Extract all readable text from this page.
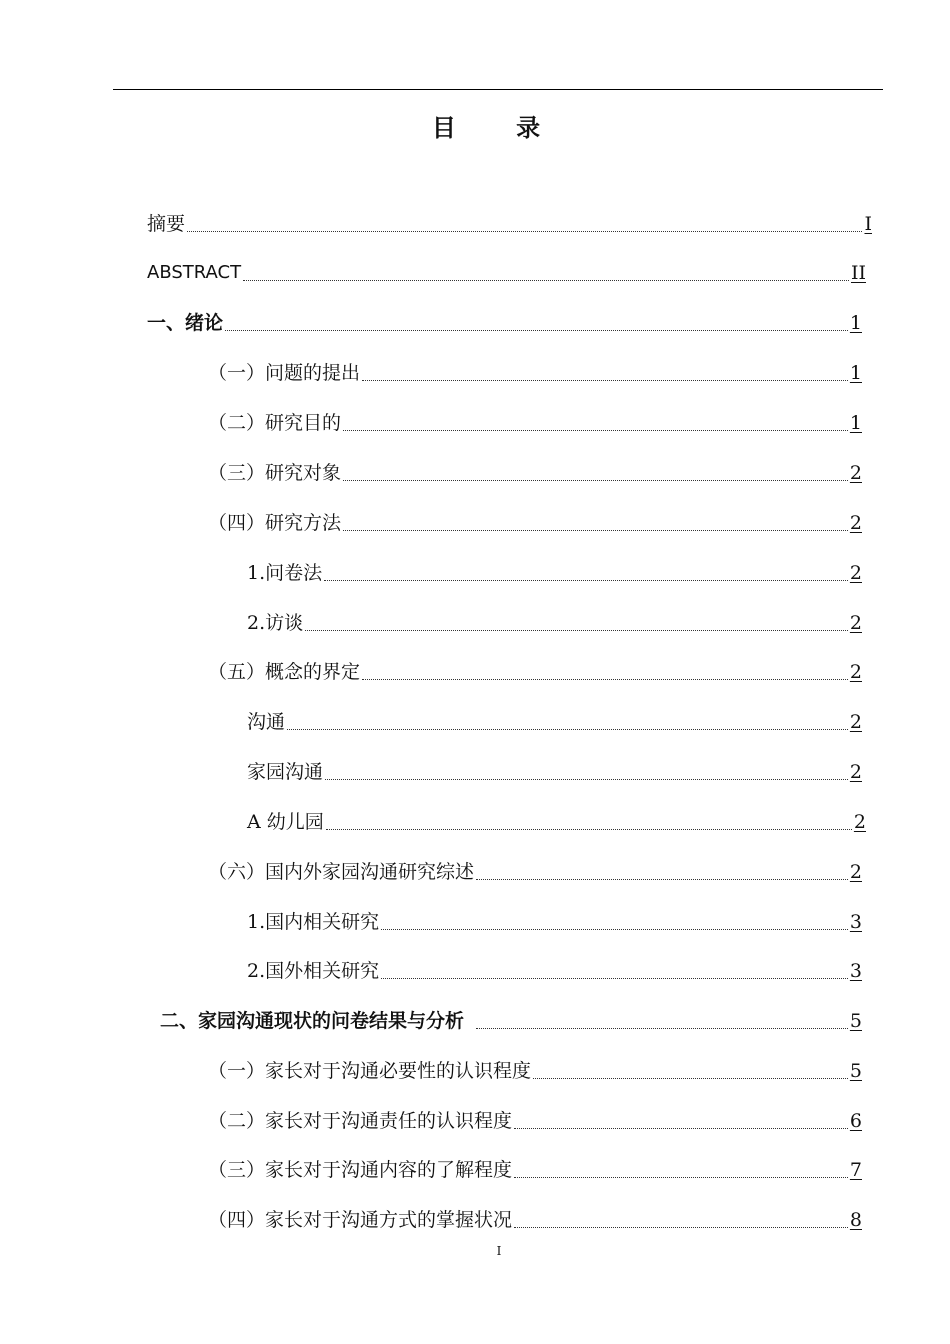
目 录
摘要	I
ABSTRACT	II
一、绪论	1
（一）问题的提出	1
（二）研究目的	1
（三）研究对象	2
（四）研究方法	2
1.问卷法	2
2.访谈	2
（五）概念的界定	2
沟通	2
家园沟通	2
A 幼儿园	2
（六）国内外家园沟通研究综述	2
1.国内相关研究	3
2.国外相关研究	3
二、家园沟通现状的问卷结果与分析	5
（一）家长对于沟通必要性的认识程度	5
（二）家长对于沟通责任的认识程度	6
（三）家长对于沟通内容的了解程度	7
（四）家长对于沟通方式的掌握状况	8
I
